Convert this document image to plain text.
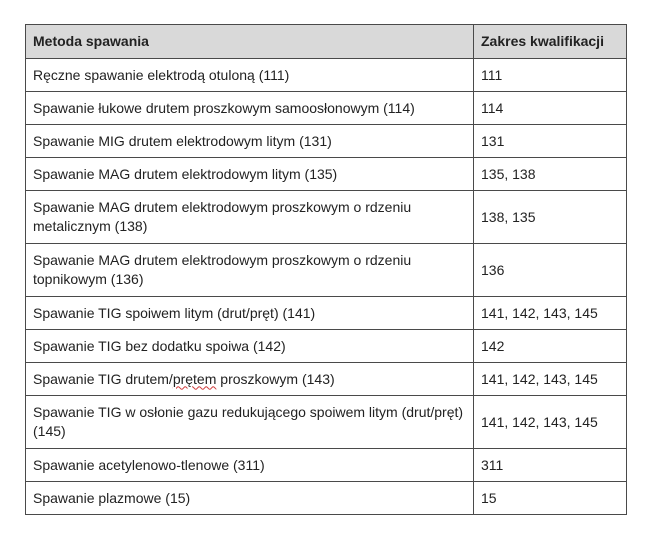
Metoda spawania	Zakres kwalifikacji
Ręczne spawanie elektrodą otuloną (111)	111
Spawanie łukowe drutem proszkowym samoosłonowym (114)	114
Spawanie MIG drutem elektrodowym litym (131)	131
Spawanie MAG drutem elektrodowym litym (135)	135, 138
Spawanie MAG drutem elektrodowym proszkowym o rdzeniu metalicznym (138)	138, 135
Spawanie MAG drutem elektrodowym proszkowym o rdzeniu topnikowym (136)	136
Spawanie TIG spoiwem litym (drut/pręt) (141)	141, 142, 143, 145
Spawanie TIG bez dodatku spoiwa (142)	142
Spawanie TIG drutem/prętem proszkowym (143)	141, 142, 143, 145
Spawanie TIG w osłonie gazu redukującego spoiwem litym (drut/pręt) (145)	141, 142, 143, 145
Spawanie acetylenowo-tlenowe (311)	311
Spawanie plazmowe (15)	15
